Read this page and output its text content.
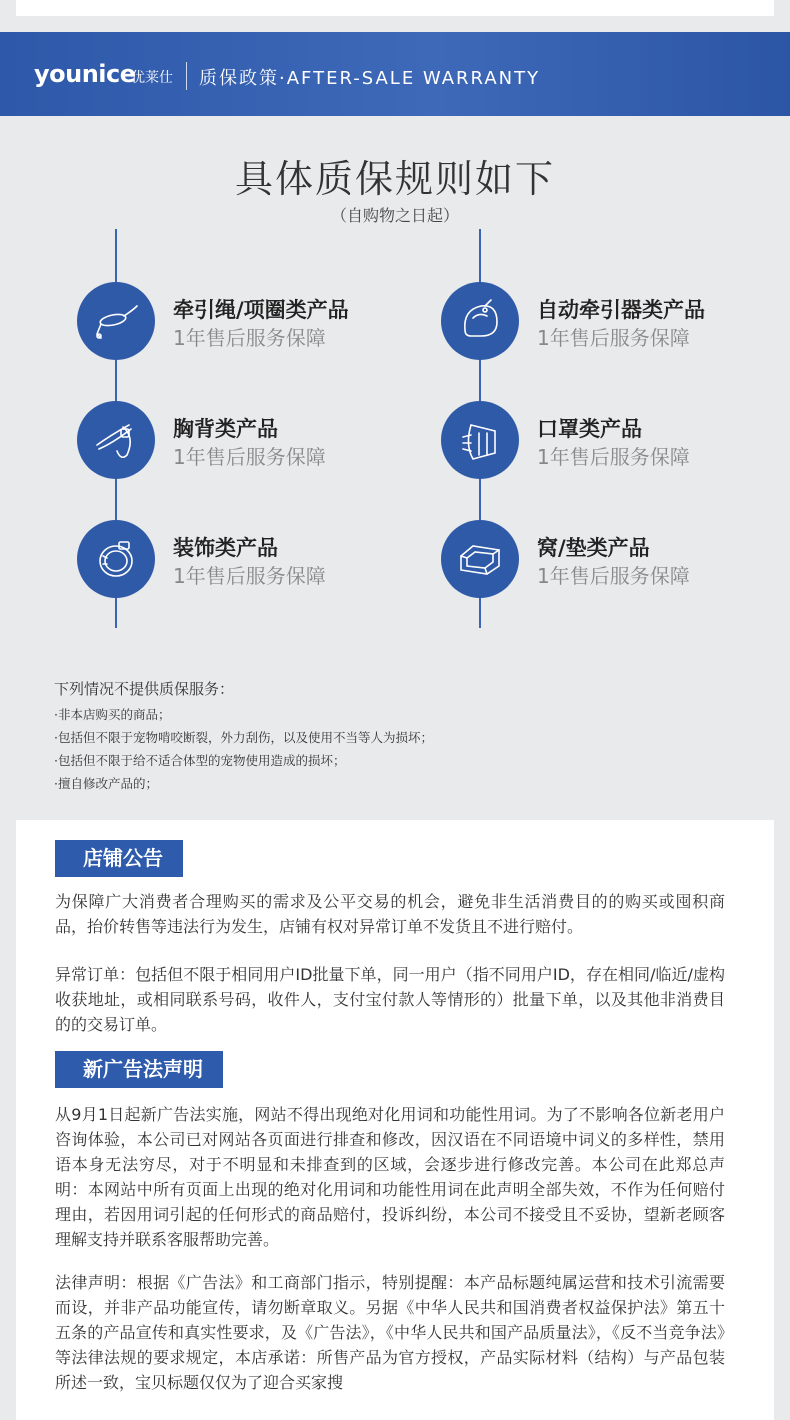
younice
优莱仕 质保政策·AFTER-SALE WARRANTY
具体质保规则如下
（自购物之日起）
牵引绳/项圈类产品
1年售后服务保障
自动牵引器类产品
1年售后服务保障
胸背类产品
1年售后服务保障
口罩类产品
1年售后服务保障
装饰类产品
1年售后服务保障
窝/垫类产品
1年售后服务保障
下列情况不提供质保服务：
·非本店购买的商品；
·包括但不限于宠物啃咬断裂，外力刮伤，以及使用不当等人为损坏；
·包括但不限于给不适合体型的宠物使用造成的损坏；
·擅自修改产品的；
店铺公告
为保障广大消费者合理购买的需求及公平交易的机会，避免非生活消费目的的购买或囤积商品，抬价转售等违法行为发生，店铺有权对异常订单不发货且不进行赔付。
异常订单：包括但不限于相同用户ID批量下单，同一用户（指不同用户ID，存在相同/临近/虚构收获地址，或相同联系号码，收件人，支付宝付款人等情形的）批量下单，以及其他非消费目的的交易订单。
新广告法声明
从9月1日起新广告法实施，网站不得出现绝对化用词和功能性用词。为了不影响各位新老用户咨询体验，本公司已对网站各页面进行排查和修改，因汉语在不同语境中词义的多样性，禁用语本身无法穷尽，对于不明显和未排查到的区域，会逐步进行修改完善。本公司在此郑总声明：本网站中所有页面上出现的绝对化用词和功能性用词在此声明全部失效，不作为任何赔付理由，若因用词引起的任何形式的商品赔付，投诉纠纷，本公司不接受且不妥协，望新老顾客理解支持并联系客服帮助完善。
法律声明：根据《广告法》和工商部门指示，特别提醒：本产品标题纯属运营和技术引流需要而设，并非产品功能宣传，请勿断章取义。另据《中华人民共和国消费者权益保护法》第五十五条的产品宣传和真实性要求，及《广告法》，《中华人民共和国产品质量法》，《反不当竞争法》等法律法规的要求规定，本店承诺：所售产品为官方授权，产品实际材料（结构）与产品包装所述一致，宝贝标题仅仅为了迎合买家搜
